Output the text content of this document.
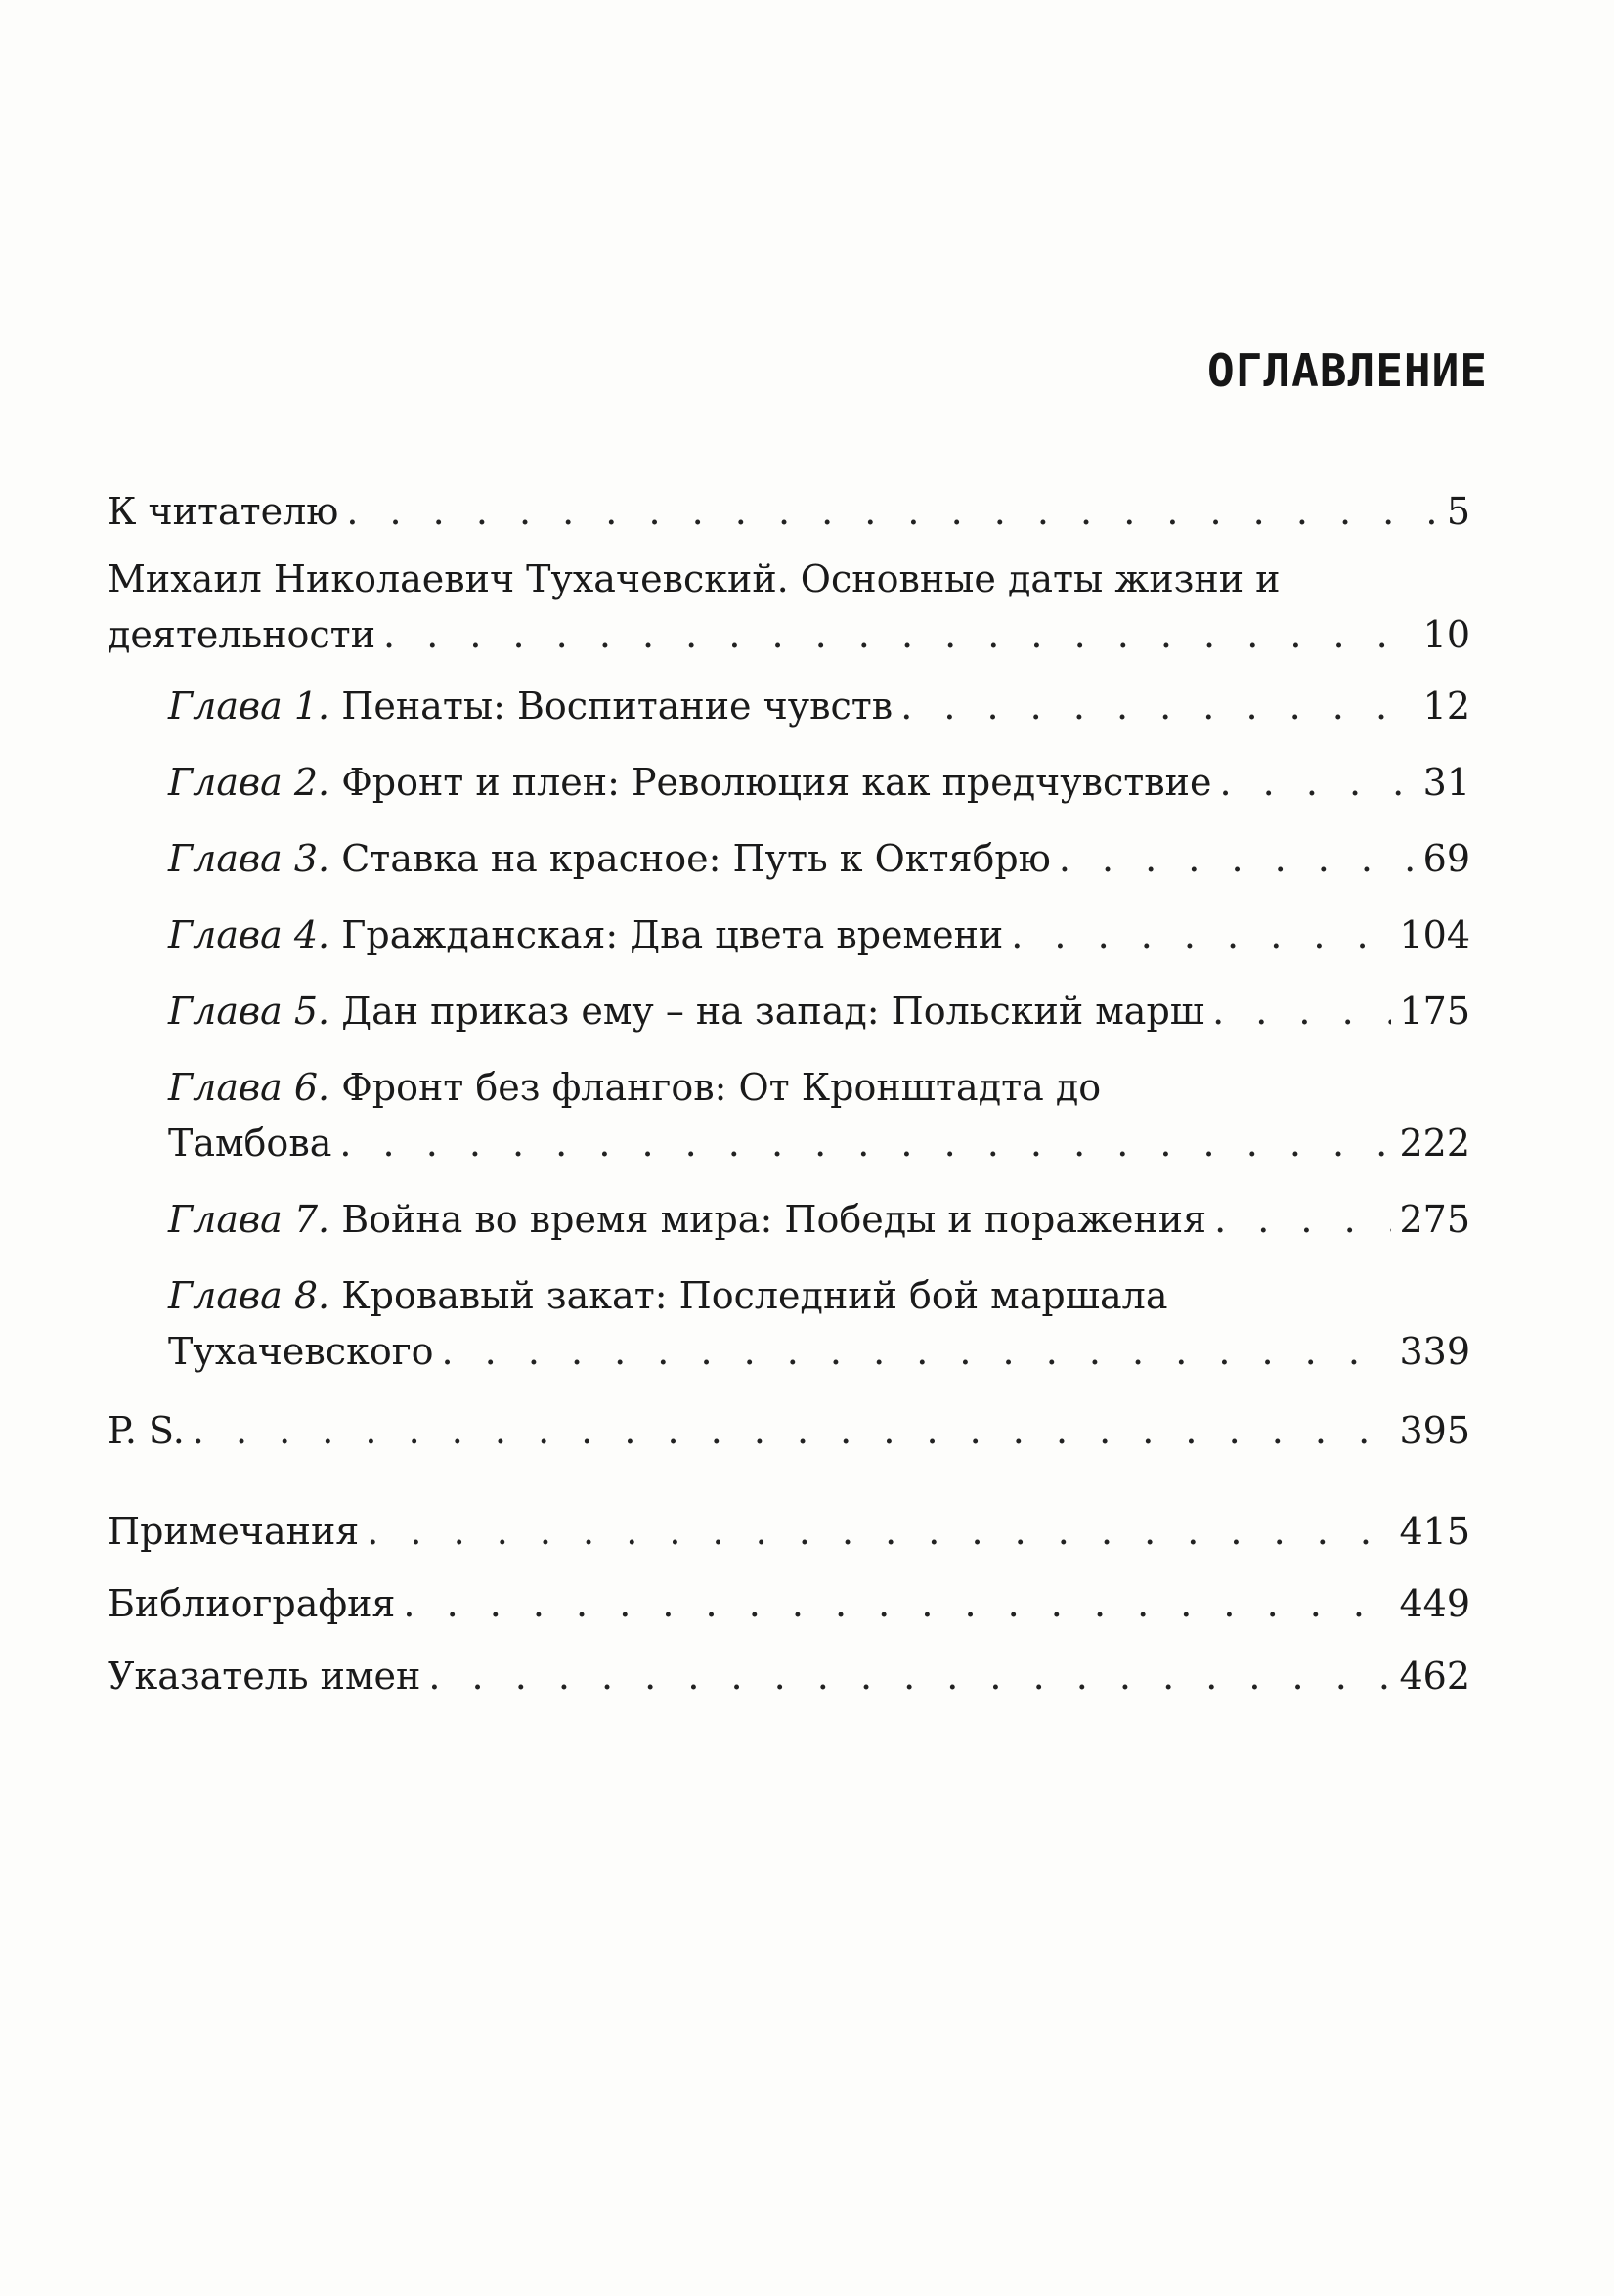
ОГЛАВЛЕНИЕ
К читателю . . .	5
Михаил Николаевич Тухачевский. Основные даты жизни и
деятельности . . .	10
Глава 1. Пенаты: Воспитание чувств . . .	12
Глава 2. Фронт и плен: Революция как предчувствие . . .	31
Глава 3. Ставка на красное: Путь к Октябрю . . .	69
Глава 4. Гражданская: Два цвета времени . . .	104
Глава 5. Дан приказ ему – на запад: Польский марш . . .	175
Глава 6. Фронт без флангов: От Кронштадта до
Тамбова . . .	222
Глава 7. Война во время мира: Победы и поражения . . .	275
Глава 8. Кровавый закат: Последний бой маршала
Тухачевского . . .	339
P. S. . . .	395
Примечания . . .	415
Библиография . . .	449
Указатель имен . . .	462
